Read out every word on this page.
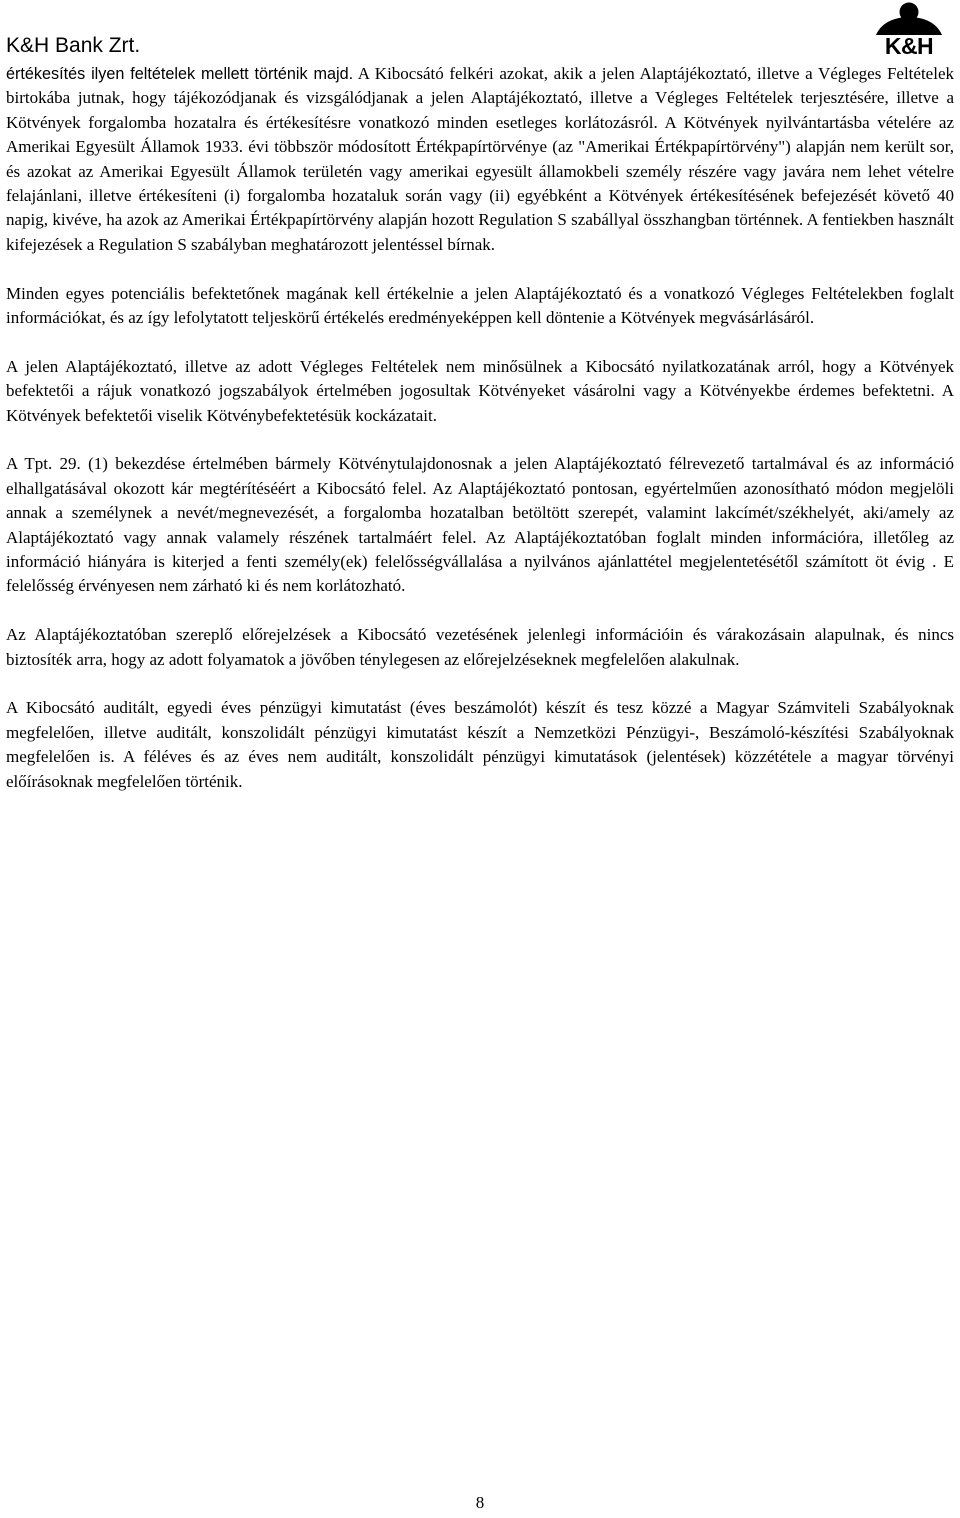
K&H Bank Zrt.	K&H

értékesítés ilyen feltételek mellett történik majd. A Kibocsátó felkéri azokat, akik a jelen Alaptájékoztató, illetve a Végleges Feltételek birtokába jutnak, hogy tájékozódjanak és vizsgálódjanak a jelen Alaptájékoztató, illetve a Végleges Feltételek terjesztésére, illetve a Kötvények forgalomba hozatalra és értékesítésre vonatkozó minden esetleges korlátozásról. A Kötvények nyilvántartásba vételére az Amerikai Egyesült Államok 1933. évi többször módosított Értékpapírtörvénye (az "Amerikai Értékpapírtörvény") alapján nem került sor, és azokat az Amerikai Egyesült Államok területén vagy amerikai egyesült államokbeli személy részére vagy javára nem lehet vételre felajánlani, illetve értékesíteni (i) forgalomba hozataluk során vagy (ii) egyébként a Kötvények értékesítésének befejezését követő 40 napig, kivéve, ha azok az Amerikai Értékpapírtörvény alapján hozott Regulation S szabállyal összhangban történnek. A fentiekben használt kifejezések a Regulation S szabályban meghatározott jelentéssel bírnak.

Minden egyes potenciális befektetőnek magának kell értékelnie a jelen Alaptájékoztató és a vonatkozó Végleges Feltételekben foglalt információkat, és az így lefolytatott teljeskörű értékelés eredményeképpen kell döntenie a Kötvények megvásárlásáról.

A jelen Alaptájékoztató, illetve az adott Végleges Feltételek nem minősülnek a Kibocsátó nyilatkozatának arról, hogy a Kötvények befektetői a rájuk vonatkozó jogszabályok értelmében jogosultak Kötvényeket vásárolni vagy a Kötvényekbe érdemes befektetni. A Kötvények befektetői viselik Kötvénybefektetésük kockázatait.

A Tpt. 29. (1) bekezdése értelmében bármely Kötvénytulajdonosnak a jelen Alaptájékoztató félrevezető tartalmával és az információ elhallgatásával okozott kár megtérítéséért a Kibocsátó felel. Az Alaptájékoztató pontosan, egyértelműen azonosítható módon megjelöli annak a személynek a nevét/megnevezését, a forgalomba hozatalban betöltött szerepét, valamint lakcímét/székhelyét, aki/amely az Alaptájékoztató vagy annak valamely részének tartalmáért felel. Az Alaptájékoztatóban foglalt minden információra, illetőleg az információ hiányára is kiterjed a fenti személy(ek) felelősségvállalása a nyilvános ajánlattétel megjelentetésétől számított öt évig . E felelősség érvényesen nem zárható ki és nem korlátozható.

Az Alaptájékoztatóban szereplő előrejelzések a Kibocsátó vezetésének jelenlegi információin és várakozásain alapulnak, és nincs biztosíték arra, hogy az adott folyamatok a jövőben ténylegesen az előrejelzéseknek megfelelően alakulnak.

A Kibocsátó auditált, egyedi éves pénzügyi kimutatást (éves beszámolót) készít és tesz közzé a Magyar Számviteli Szabályoknak megfelelően, illetve auditált, konszolidált pénzügyi kimutatást készít a Nemzetközi Pénzügyi-, Beszámoló-készítési Szabályoknak megfelelően is. A féléves és az éves nem auditált, konszolidált pénzügyi kimutatások (jelentések) közzététele a magyar törvényi előírásoknak megfelelően történik.

8
